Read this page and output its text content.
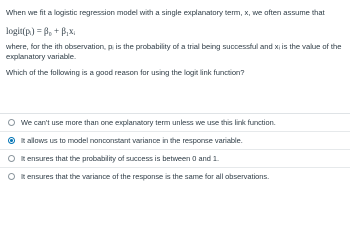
When we fit a logistic regression model with a single explanatory term, x, we often assume that

logit(pᵢ) = β₀ + β₁xᵢ

where, for the ith observation, pᵢ is the probability of a trial being successful and xᵢ is the value of the explanatory variable.

Which of the following is a good reason for using the logit link function?

We can't use more than one explanatory term unless we use this link function.
It allows us to model nonconstant variance in the response variable.
It ensures that the probability of success is between 0 and 1.
It ensures that the variance of the response is the same for all observations.
